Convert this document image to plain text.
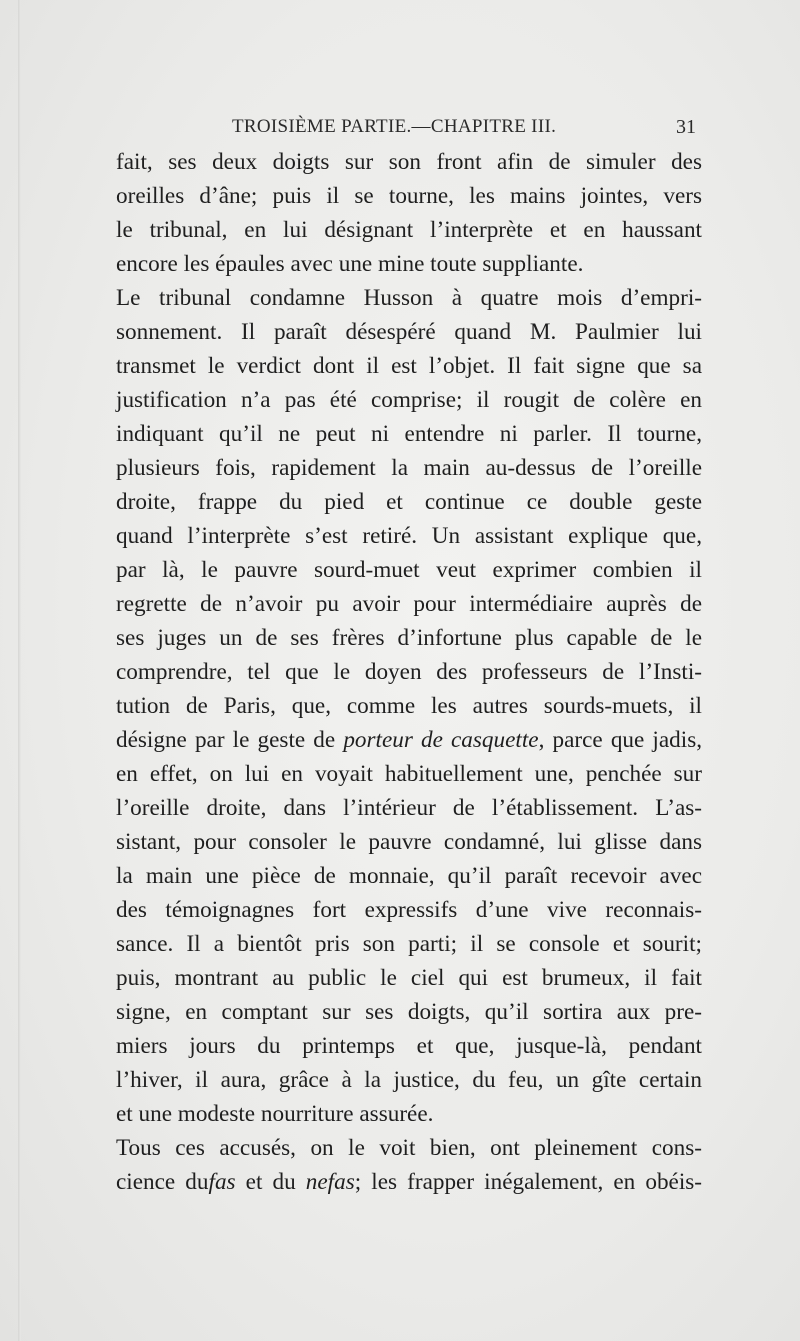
TROISIÈME PARTIE.—CHAPITRE III.	31
fait, ses deux doigts sur son front afin de simuler des
oreilles d’âne; puis il se tourne, les mains jointes, vers
le tribunal, en lui désignant l’interprète et en haussant
encore les épaules avec une mine toute suppliante.
Le tribunal condamne Husson à quatre mois d’empri-
sonnement. Il paraît désespéré quand M. Paulmier lui
transmet le verdict dont il est l’objet. Il fait signe que sa
justification n’a pas été comprise; il rougit de colère en
indiquant qu’il ne peut ni entendre ni parler. Il tourne,
plusieurs fois, rapidement la main au-dessus de l’oreille
droite, frappe du pied et continue ce double geste
quand l’interprète s’est retiré. Un assistant explique que,
par là, le pauvre sourd-muet veut exprimer combien il
regrette de n’avoir pu avoir pour intermédiaire auprès de
ses juges un de ses frères d’infortune plus capable de le
comprendre, tel que le doyen des professeurs de l’Insti-
tution de Paris, que, comme les autres sourds-muets, il
désigne par le geste de porteur de casquette, parce que jadis,
en effet, on lui en voyait habituellement une, penchée sur
l’oreille droite, dans l’intérieur de l’établissement. L’as-
sistant, pour consoler le pauvre condamné, lui glisse dans
la main une pièce de monnaie, qu’il paraît recevoir avec
des témoignagnes fort expressifs d’une vive reconnais-
sance. Il a bientôt pris son parti; il se console et sourit;
puis, montrant au public le ciel qui est brumeux, il fait
signe, en comptant sur ses doigts, qu’il sortira aux pre-
miers jours du printemps et que, jusque-là, pendant
l’hiver, il aura, grâce à la justice, du feu, un gîte certain
et une modeste nourriture assurée.
Tous ces accusés, on le voit bien, ont pleinement cons-
cience dufas et du nefas; les frapper inégalement, en obéis-
